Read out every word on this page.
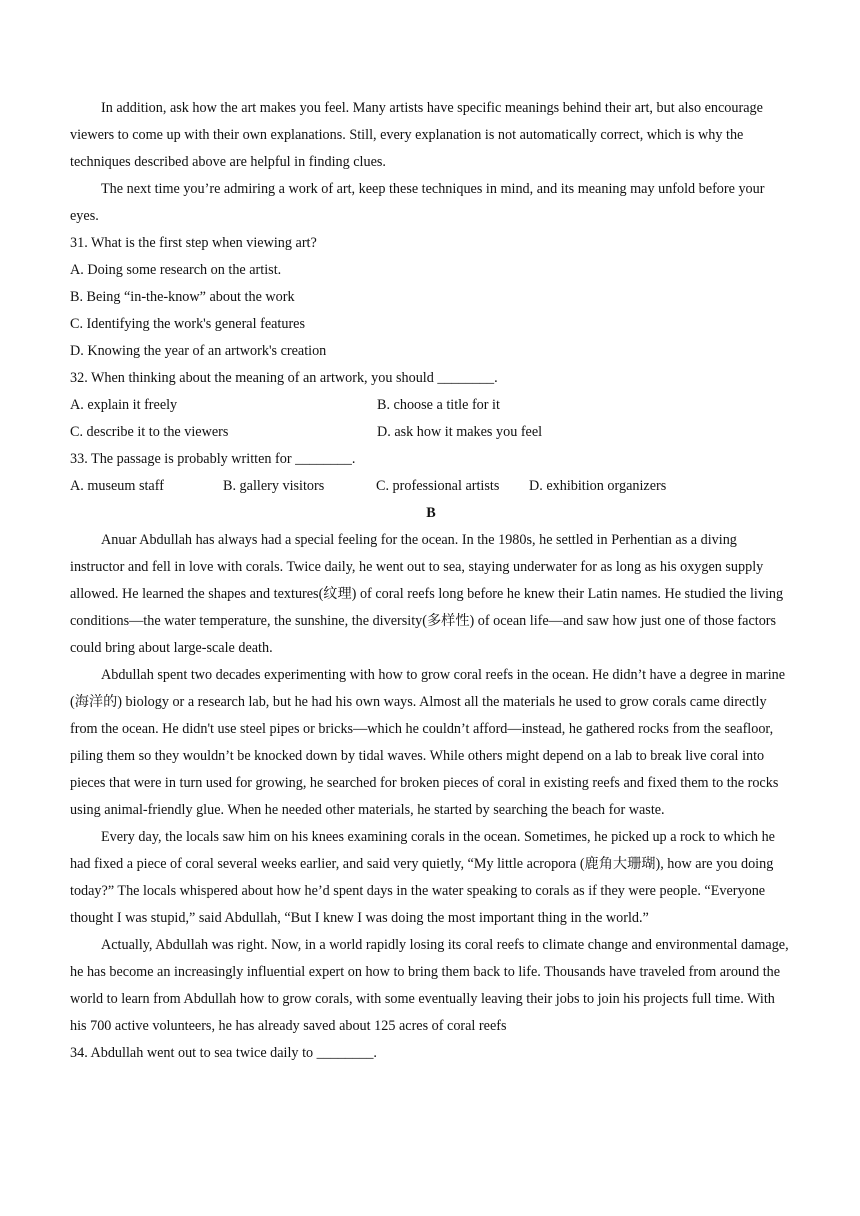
In addition, ask how the art makes you feel. Many artists have specific meanings behind their art, but also encourage viewers to come up with their own explanations. Still, every explanation is not automatically correct, which is why the techniques described above are helpful in finding clues.

The next time you’re admiring a work of art, keep these techniques in mind, and its meaning may unfold before your eyes.

31. What is the first step when viewing art?

A. Doing some research on the artist.

B. Being “in-the-know” about the work

C. Identifying the work's general features

D. Knowing the year of an artwork's creation

32. When thinking about the meaning of an artwork, you should ________.

A. explain it freely	B. choose a title for it
C. describe it to the viewers	D. ask how it makes you feel

33. The passage is probably written for ________.

A. museum staff	B. gallery visitors	C. professional artists	D. exhibition organizers

B

Anuar Abdullah has always had a special feeling for the ocean. In the 1980s, he settled in Perhentian as a diving instructor and fell in love with corals. Twice daily, he went out to sea, staying underwater for as long as his oxygen supply allowed. He learned the shapes and textures(纹理) of coral reefs long before he knew their Latin names. He studied the living conditions—the water temperature, the sunshine, the diversity(多样性) of ocean life—and saw how just one of those factors could bring about large-scale death.

Abdullah spent two decades experimenting with how to grow coral reefs in the ocean. He didn’t have a degree in marine (海洋的) biology or a research lab, but he had his own ways. Almost all the materials he used to grow corals came directly from the ocean. He didn't use steel pipes or bricks—which he couldn’t afford—instead, he gathered rocks from the seafloor, piling them so they wouldn’t be knocked down by tidal waves. While others might depend on a lab to break live coral into pieces that were in turn used for growing, he searched for broken pieces of coral in existing reefs and fixed them to the rocks using animal-friendly glue. When he needed other materials, he started by searching the beach for waste.

Every day, the locals saw him on his knees examining corals in the ocean. Sometimes, he picked up a rock to which he had fixed a piece of coral several weeks earlier, and said very quietly, “My little acropora (鹿角大珊瑚), how are you doing today?” The locals whispered about how he’d spent days in the water speaking to corals as if they were people. “Everyone thought I was stupid,” said Abdullah, “But I knew I was doing the most important thing in the world.”

Actually, Abdullah was right. Now, in a world rapidly losing its coral reefs to climate change and environmental damage, he has become an increasingly influential expert on how to bring them back to life. Thousands have traveled from around the world to learn from Abdullah how to grow corals, with some eventually leaving their jobs to join his projects full time. With his 700 active volunteers, he has already saved about 125 acres of coral reefs

34. Abdullah went out to sea twice daily to ________.
